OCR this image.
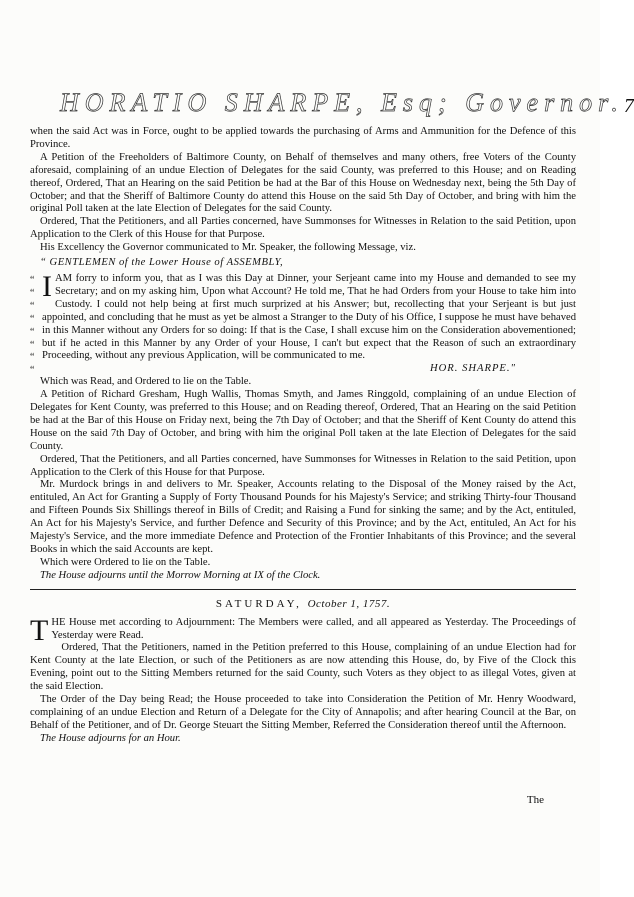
HORATIO SHARPE, Esq; Governor. 7

when the said Act was in Force, ought to be applied towards the purchasing of Arms and Ammunition for the Defence of this Province.

A Petition of the Freeholders of Baltimore County, on Behalf of themselves and many others, free Voters of the County aforesaid, complaining of an undue Election of Delegates for the said County, was preferred to this House; and on Reading thereof, Ordered, That an Hearing on the said Petition be had at the Bar of this House on Wednesday next, being the 5th Day of October; and that the Sheriff of Baltimore County do attend this House on the said 5th Day of October, and bring with him the original Poll taken at the late Election of Delegates for the said County.

Ordered, That the Petitioners, and all Parties concerned, have Summonses for Witnesses in Relation to the said Petition, upon Application to the Clerk of this House for that Purpose.

His Excellency the Governor communicated to Mr. Speaker, the following Message, viz.

“ GENTLEMEN of the Lower House of ASSEMBLY,
“ “ “ “ “ “ “ “ I AM forry to inform you, that as I was this Day at Dinner, your Serjeant came into my House and demanded to see my Secretary; and on my asking him, Upon what Account? He told me, That he had Orders from your House to take him into Custody. I could not help being at first much surprized at his Answer; but, recollecting that your Serjeant is but just appointed, and concluding that he must as yet be almost a Stranger to the Duty of his Office, I suppose he must have behaved in this Manner without any Orders for so doing: If that is the Case, I shall excuse him on the Consideration abovementioned; but if he acted in this Manner by any Order of your House, I can't but expect that the Reason of such an extraordinary Proceeding, without any previous Application, will be communicated to me.
HOR. SHARPE."

Which was Read, and Ordered to lie on the Table.

A Petition of Richard Gresham, Hugh Wallis, Thomas Smyth, and James Ringgold, complaining of an undue Election of Delegates for Kent County, was preferred to this House; and on Reading thereof, Ordered, That an Hearing on the said Petition be had at the Bar of this House on Friday next, being the 7th Day of October; and that the Sheriff of Kent County do attend this House on the said 7th Day of October, and bring with him the original Poll taken at the late Election of Delegates for the said County.

Ordered, That the Petitioners, and all Parties concerned, have Summonses for Witnesses in Relation to the said Petition, upon Application to the Clerk of this House for that Purpose.

Mr. Murdock brings in and delivers to Mr. Speaker, Accounts relating to the Disposal of the Money raised by the Act, entituled, An Act for Granting a Supply of Forty Thousand Pounds for his Majesty's Service; and striking Thirty-four Thousand and Fifteen Pounds Six Shillings thereof in Bills of Credit; and Raising a Fund for sinking the same; and by the Act, entituled, An Act for his Majesty's Service, and further Defence and Security of this Province; and by the Act, entituled, An Act for his Majesty's Service, and the more immediate Defence and Protection of the Frontier Inhabitants of this Province; and the several Books in which the said Accounts are kept.

Which were Ordered to lie on the Table.

The House adjourns until the Morrow Morning at IX of the Clock.

SATURDAY, October 1, 1757.

THE House met according to Adjournment: The Members were called, and all appeared as Yesterday. The Proceedings of Yesterday were Read.

Ordered, That the Petitioners, named in the Petition preferred to this House, complaining of an undue Election had for Kent County at the late Election, or such of the Petitioners as are now attending this House, do, by Five of the Clock this Evening, point out to the Sitting Members returned for the said County, such Voters as they object to as illegal Votes, given at the said Election.

The Order of the Day being Read; the House proceeded to take into Consideration the Petition of Mr. Henry Woodward, complaining of an undue Election and Return of a Delegate for the City of Annapolis; and after hearing Council at the Bar, on Behalf of the Petitioner, and of Dr. George Steuart the Sitting Member, Referred the Consideration thereof until the Afternoon.

The House adjourns for an Hour.

The
